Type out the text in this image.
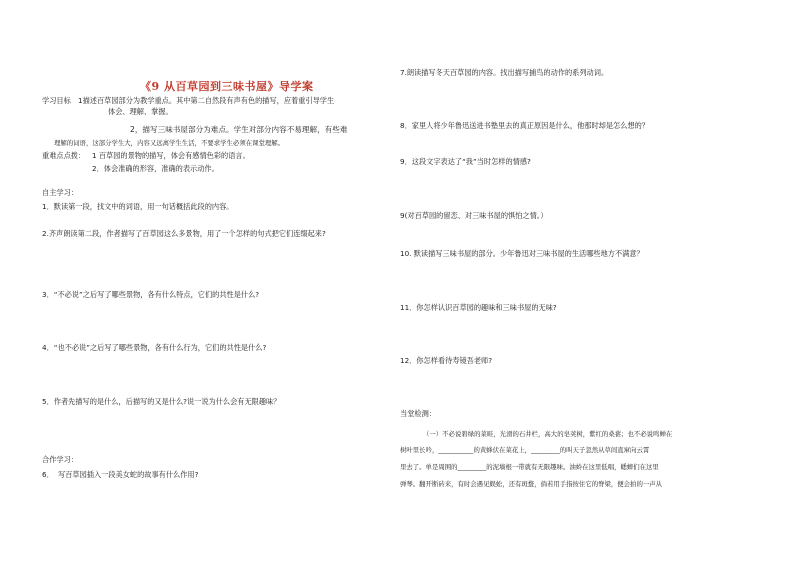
《9 从百草园到三味书屋》导学案
学习目标 1描述百草园部分为教学重点。其中第二自然段有声有色的描写，应着重引导学生
体会、理解、掌握。
2，描写三味书屋部分为难点。学生对部分内容不易理解，有些难
理解的词语，这部分学生大，内容又远离学生生活，不要求学生必须在课堂理解。
重难点点拨： 1 百草园的景物的描写，体会有感情色彩的语言。
2．体会准确的形容，准确的表示动作。
自主学习：
1．默读第一段，找文中的词语，用一句话概括此段的内容。
2.齐声朗读第二段，作者描写了百草园这么多景物，用了一个怎样的句式把它们连缀起来?
3．“不必说”之后写了哪些景物，各有什么特点，它们的共性是什么?
4．“也不必说”之后写了哪些景物，各有什么行为，它们的共性是什么?
5．作者先描写的是什么，后描写的又是什么?说一说为什么会有无限趣味？
合作学习：
6． 写百草园插入一段美女蛇的故事有什么作用?
7.朗读描写冬天百草园的内容。找出描写捕鸟的动作的系列动词。
8．家里人将少年鲁迅送进书塾里去的真正原因是什么，他那时却是怎么想的？
9．这段文字表达了“我”当时怎样的情感?
9(对百草园的留恋、对三味书屋的惧怕之情。）
10. 默读描写三味书屋的部分。少年鲁迅对三味书屋的生活哪些地方不满意？
11．你怎样认识百草园的趣味和三味书屋的无味?
12．你怎样看待寿镜吾老师?
当堂检测：
（一）不必说碧绿的菜畦，光滑的石井栏，高大的皂荚树，紫红的桑葚；也不必说鸣蝉在
树叶里长吟，___________的黄蜂伏在菜花上，_________的叫天子忽然从草间直窜向云霄
里去了。单是周围的_________的泥墙根一带就有无限趣味。油蛉在这里低唱，蟋蟀们在这里
弹琴。翻开断砖来，有时会遇见蜈蚣，还有斑蝥，倘若用手指按住它的脊梁，便会拍的一声从
